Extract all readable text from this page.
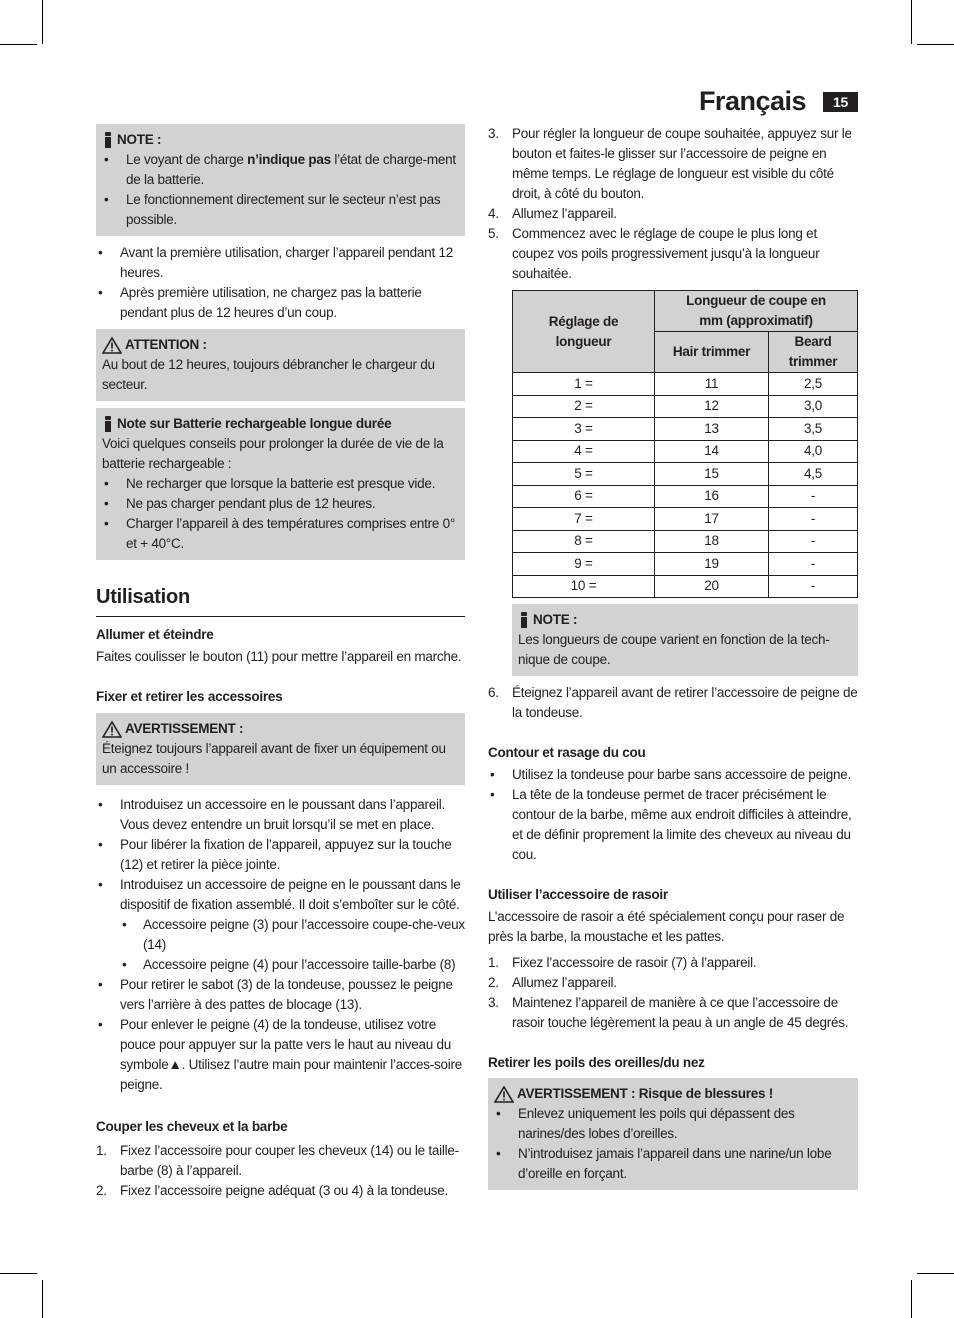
Français	15
NOTE :
• Le voyant de charge n’indique pas l’état de charge-ment de la batterie.
• Le fonctionnement directement sur le secteur n’est pas possible.
• Avant la première utilisation, charger l’appareil pendant 12 heures.
• Après première utilisation, ne chargez pas la batterie pendant plus de 12 heures d’un coup.
ATTENTION :
Au bout de 12 heures, toujours débrancher le chargeur du secteur.
Note sur Batterie rechargeable longue durée
Voici quelques conseils pour prolonger la durée de vie de la batterie rechargeable :
• Ne recharger que lorsque la batterie est presque vide.
• Ne pas charger pendant plus de 12 heures.
• Charger l’appareil à des températures comprises entre 0° et + 40°C.
Utilisation
Allumer et éteindre
Faites coulisser le bouton (11) pour mettre l’appareil en marche.
Fixer et retirer les accessoires
AVERTISSEMENT :
Éteignez toujours l’appareil avant de fixer un équipement ou un accessoire !
• Introduisez un accessoire en le poussant dans l’appareil. Vous devez entendre un bruit lorsqu’il se met en place.
• Pour libérer la fixation de l’appareil, appuyez sur la touche (12) et retirer la pièce jointe.
• Introduisez un accessoire de peigne en le poussant dans le dispositif de fixation assemblé. Il doit s’emboîter sur le côté.
• Accessoire peigne (3) pour l’accessoire coupe-che-veux (14)
• Accessoire peigne (4) pour l’accessoire taille-barbe (8)
• Pour retirer le sabot (3) de la tondeuse, poussez le peigne vers l’arrière à des pattes de blocage (13).
• Pour enlever le peigne (4) de la tondeuse, utilisez votre pouce pour appuyer sur la patte vers le haut au niveau du symbole▲. Utilisez l’autre main pour maintenir l’acces-soire peigne.
Couper les cheveux et la barbe
1. Fixez l’accessoire pour couper les cheveux (14) ou le taille-barbe (8) à l’appareil.
2. Fixez l’accessoire peigne adéquat (3 ou 4) à la tondeuse.
3. Pour régler la longueur de coupe souhaitée, appuyez sur le bouton et faites-le glisser sur l’accessoire de peigne en même temps. Le réglage de longueur est visible du côté droit, à côté du bouton.
4. Allumez l’appareil.
5. Commencez avec le réglage de coupe le plus long et coupez vos poils progressivement jusqu’à la longueur souhaitée.
Réglage de longueur	Longueur de coupe en mm (approximatif)	
	Hair trimmer	Beard trimmer
1 =	11	2,5
2 =	12	3,0
3 =	13	3,5
4 =	14	4,0
5 =	15	4,5
6 =	16	-
7 =	17	-
8 =	18	-
9 =	19	-
10 =	20	-
NOTE :
Les longueurs de coupe varient en fonction de la tech-nique de coupe.
6. Éteignez l’appareil avant de retirer l’accessoire de peigne de la tondeuse.
Contour et rasage du cou
• Utilisez la tondeuse pour barbe sans accessoire de peigne.
• La tête de la tondeuse permet de tracer précisément le contour de la barbe, même aux endroit difficiles à atteindre, et de définir proprement la limite des cheveux au niveau du cou.
Utiliser l’accessoire de rasoir
L’accessoire de rasoir a été spécialement conçu pour raser de près la barbe, la moustache et les pattes.
1. Fixez l’accessoire de rasoir (7) à l’appareil.
2. Allumez l’appareil.
3. Maintenez l’appareil de manière à ce que l’accessoire de rasoir touche légèrement la peau à un angle de 45 degrés.
Retirer les poils des oreilles/du nez
AVERTISSEMENT : Risque de blessures !
• Enlevez uniquement les poils qui dépassent des narines/des lobes d’oreilles.
• N’introduisez jamais l’appareil dans une narine/un lobe d’oreille en forçant.
